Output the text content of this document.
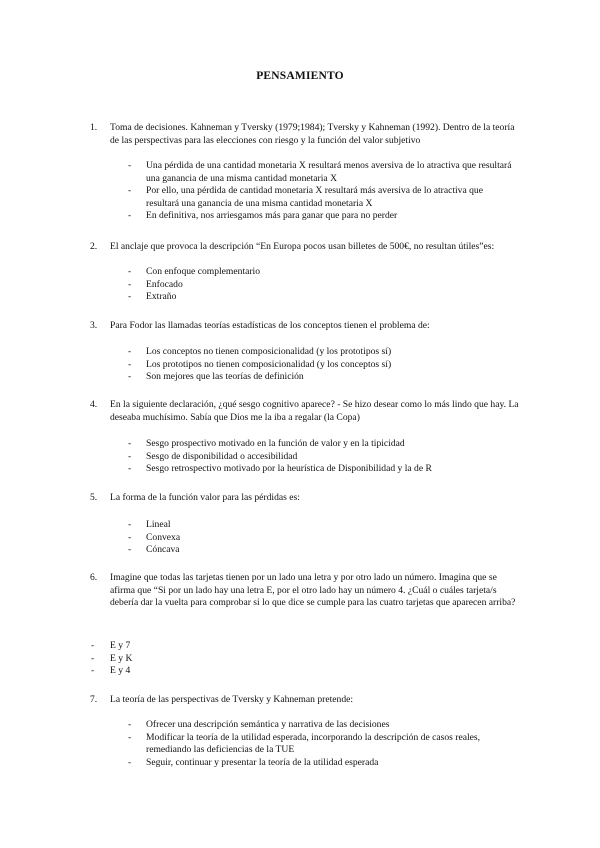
PENSAMIENTO
1. Toma de decisiones. Kahneman y Tversky (1979;1984); Tversky y Kahneman (1992). Dentro de la teoría de las perspectivas para las elecciones con riesgo y la función del valor subjetivo
- Una pérdida de una cantidad monetaria X resultará menos aversiva de lo atractiva que resultará una ganancia de una misma cantidad monetaria X
- Por ello, una pérdida de cantidad monetaria X resultará más aversiva de lo atractiva que resultará una ganancia de una misma cantidad monetaria X
- En definitiva, nos arriesgamos más para ganar que para no perder
2. El anclaje que provoca la descripción “En Europa pocos usan billetes de 500€, no resultan útiles”es:
- Con enfoque complementario
- Enfocado
- Extraño
3. Para Fodor las llamadas teorías estadísticas de los conceptos tienen el problema de:
- Los conceptos no tienen composicionalidad (y los prototipos sí)
- Los prototipos no tienen composicionalidad (y los conceptos sí)
- Son mejores que las teorías de definición
4. En la siguiente declaración, ¿qué sesgo cognitivo aparece? - Se hizo desear como lo más lindo que hay. La deseaba muchísimo. Sabía que Dios me la iba a regalar (la Copa)
- Sesgo prospectivo motivado en la función de valor y en la tipicidad
- Sesgo de disponibilidad o accesibilidad
- Sesgo retrospectivo motivado por la heurística de Disponibilidad y la de R
5. La forma de la función valor para las pérdidas es:
- Lineal
- Convexa
- Cóncava
6. Imagine que todas las tarjetas tienen por un lado una letra y por otro lado un número. Imagina que se afirma que “Si por un lado hay una letra E, por el otro lado hay un número 4. ¿Cuál o cuáles tarjeta/s debería dar la vuelta para comprobar si lo que dice se cumple para las cuatro tarjetas que aparecen arriba?
- E y 7
- E y K
- E y 4
7. La teoría de las perspectivas de Tversky y Kahneman pretende:
- Ofrecer una descripción semántica y narrativa de las decisiones
- Modificar la teoría de la utilidad esperada, incorporando la descripción de casos reales, remediando las deficiencias de la TUE
- Seguir, continuar y presentar la teoría de la utilidad esperada
